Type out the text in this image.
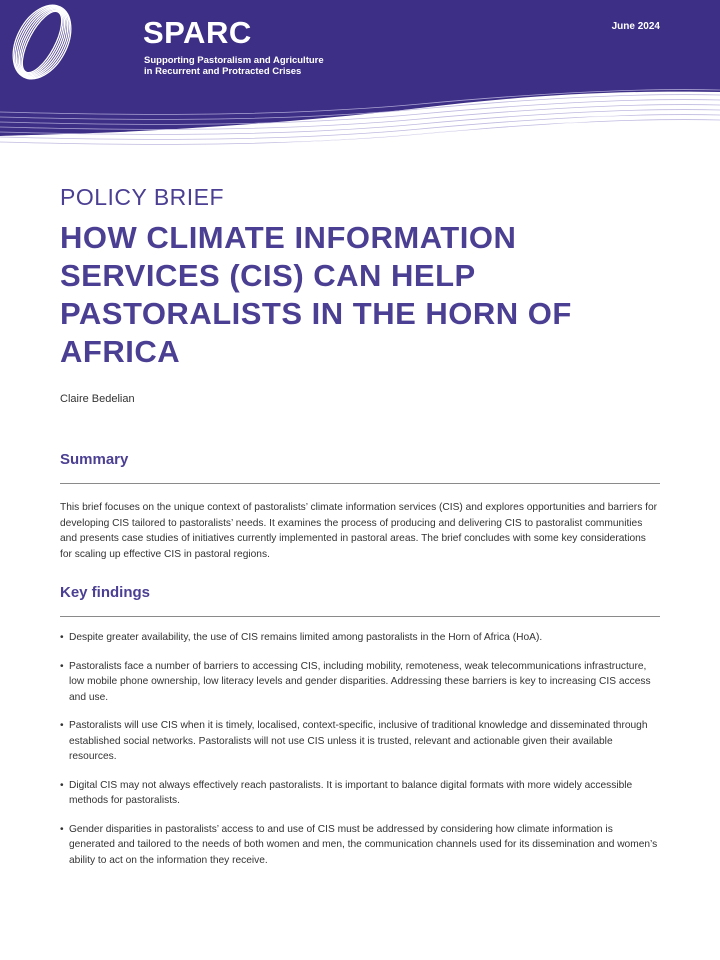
SPARC
Supporting Pastoralism and Agriculture in Recurrent and Protracted Crises
June 2024
POLICY BRIEF
HOW CLIMATE INFORMATION SERVICES (CIS) CAN HELP PASTORALISTS IN THE HORN OF AFRICA
Claire Bedelian
Summary

This brief focuses on the unique context of pastoralists’ climate information services (CIS) and explores opportunities and barriers for developing CIS tailored to pastoralists’ needs. It examines the process of producing and delivering CIS to pastoralist communities and presents case studies of initiatives currently implemented in pastoral areas. The brief concludes with some key considerations for scaling up effective CIS in pastoral regions.

Key findings
• Despite greater availability, the use of CIS remains limited among pastoralists in the Horn of Africa (HoA).
• Pastoralists face a number of barriers to accessing CIS, including mobility, remoteness, weak telecommunications infrastructure, low mobile phone ownership, low literacy levels and gender disparities. Addressing these barriers is key to increasing CIS access and use.
• Pastoralists will use CIS when it is timely, localised, context-specific, inclusive of traditional knowledge and disseminated through established social networks. Pastoralists will not use CIS unless it is trusted, relevant and actionable given their available resources.
• Digital CIS may not always effectively reach pastoralists. It is important to balance digital formats with more widely accessible methods for pastoralists.
• Gender disparities in pastoralists’ access to and use of CIS must be addressed by considering how climate information is generated and tailored to the needs of both women and men, the communication channels used for its dissemination and women’s ability to act on the information they receive.
